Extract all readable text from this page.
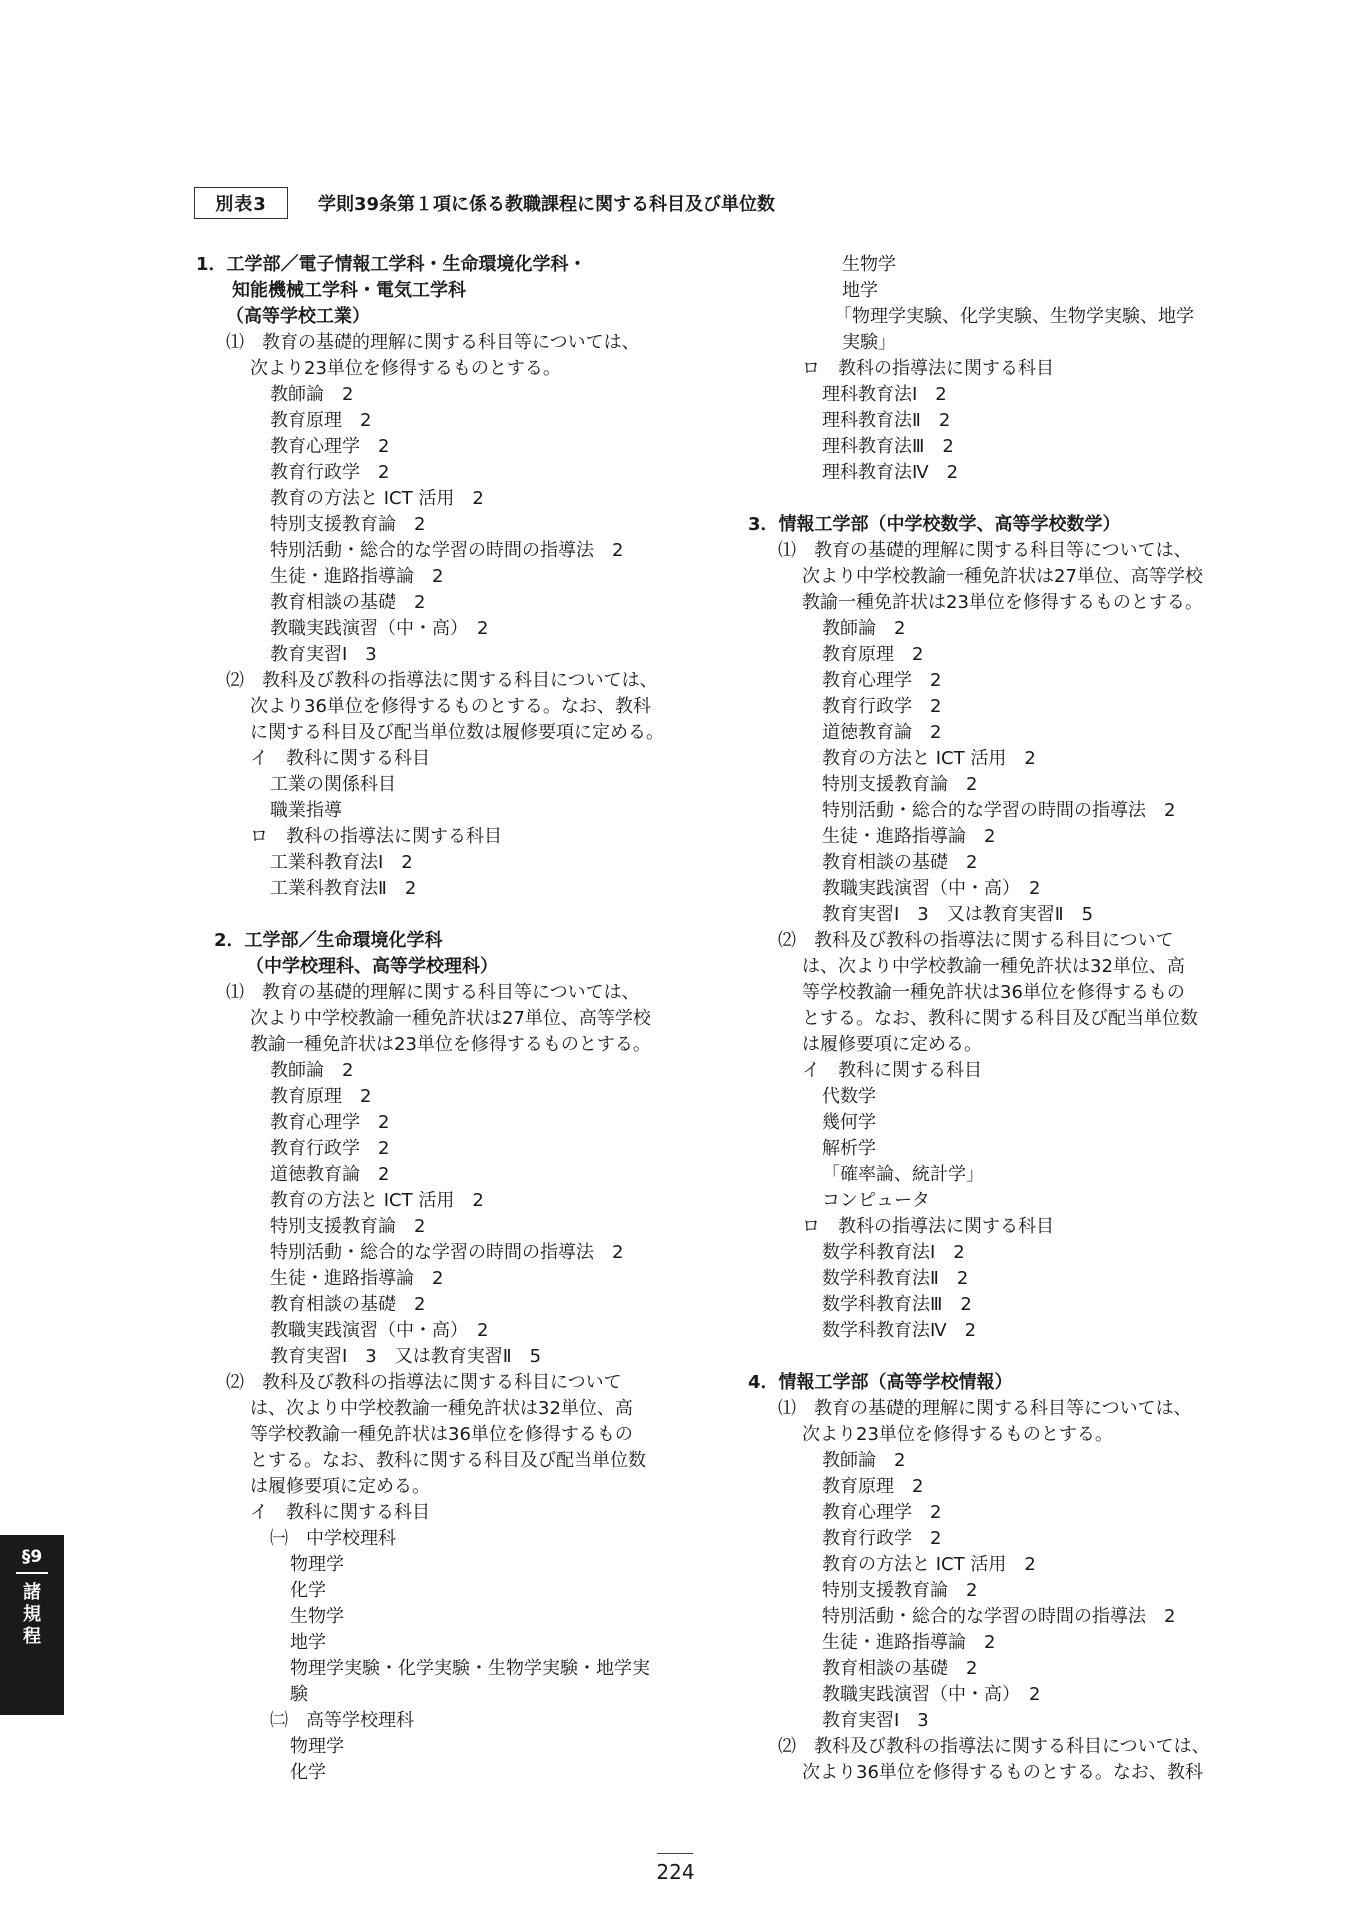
別表3	学則39条第１項に係る教職課程に関する科目及び単位数
1．工学部／電子情報工学科・生命環境化学科・
知能機械工学科・電気工学科
（高等学校工業）
⑴　教育の基礎的理解に関する科目等については、
次より23単位を修得するものとする。
教師論　2
教育原理　2
教育心理学　2
教育行政学　2
教育の方法と ICT 活用　2
特別支援教育論　2
特別活動・総合的な学習の時間の指導法　2
生徒・進路指導論　2
教育相談の基礎　2
教職実践演習（中・高）　2
教育実習Ⅰ　3
⑵　教科及び教科の指導法に関する科目については、
次より36単位を修得するものとする。なお、教科
に関する科目及び配当単位数は履修要項に定める。
イ　教科に関する科目
工業の関係科目
職業指導
ロ　教科の指導法に関する科目
工業科教育法Ⅰ　2
工業科教育法Ⅱ　2
2．工学部／生命環境化学科
（中学校理科、高等学校理科）
⑴　教育の基礎的理解に関する科目等については、
次より中学校教諭一種免許状は27単位、高等学校
教諭一種免許状は23単位を修得するものとする。
教師論　2
教育原理　2
教育心理学　2
教育行政学　2
道徳教育論　2
教育の方法と ICT 活用　2
特別支援教育論　2
特別活動・総合的な学習の時間の指導法　2
生徒・進路指導論　2
教育相談の基礎　2
教職実践演習（中・高）　2
教育実習Ⅰ　3　又は教育実習Ⅱ　5
⑵　教科及び教科の指導法に関する科目について
は、次より中学校教諭一種免許状は32単位、高
等学校教諭一種免許状は36単位を修得するもの
とする。なお、教科に関する科目及び配当単位数
は履修要項に定める。
イ　教科に関する科目
㈠　中学校理科
物理学
化学
生物学
地学
物理学実験・化学実験・生物学実験・地学実
験
㈡　高等学校理科
物理学
化学
生物学
地学
「物理学実験、化学実験、生物学実験、地学
実験」
ロ　教科の指導法に関する科目
理科教育法Ⅰ　2
理科教育法Ⅱ　2
理科教育法Ⅲ　2
理科教育法Ⅳ　2
3．情報工学部（中学校数学、高等学校数学）
⑴　教育の基礎的理解に関する科目等については、
次より中学校教諭一種免許状は27単位、高等学校
教諭一種免許状は23単位を修得するものとする。
教師論　2
教育原理　2
教育心理学　2
教育行政学　2
道徳教育論　2
教育の方法と ICT 活用　2
特別支援教育論　2
特別活動・総合的な学習の時間の指導法　2
生徒・進路指導論　2
教育相談の基礎　2
教職実践演習（中・高）　2
教育実習Ⅰ　3　又は教育実習Ⅱ　5
⑵　教科及び教科の指導法に関する科目について
は、次より中学校教諭一種免許状は32単位、高
等学校教諭一種免許状は36単位を修得するもの
とする。なお、教科に関する科目及び配当単位数
は履修要項に定める。
イ　教科に関する科目
代数学
幾何学
解析学
「確率論、統計学」
コンピュータ
ロ　教科の指導法に関する科目
数学科教育法Ⅰ　2
数学科教育法Ⅱ　2
数学科教育法Ⅲ　2
数学科教育法Ⅳ　2
4．情報工学部（高等学校情報）
⑴　教育の基礎的理解に関する科目等については、
次より23単位を修得するものとする。
教師論　2
教育原理　2
教育心理学　2
教育行政学　2
教育の方法と ICT 活用　2
特別支援教育論　2
特別活動・総合的な学習の時間の指導法　2
生徒・進路指導論　2
教育相談の基礎　2
教職実践演習（中・高）　2
教育実習Ⅰ　3
⑵　教科及び教科の指導法に関する科目については、
次より36単位を修得するものとする。なお、教科
§9
諸規程
224
